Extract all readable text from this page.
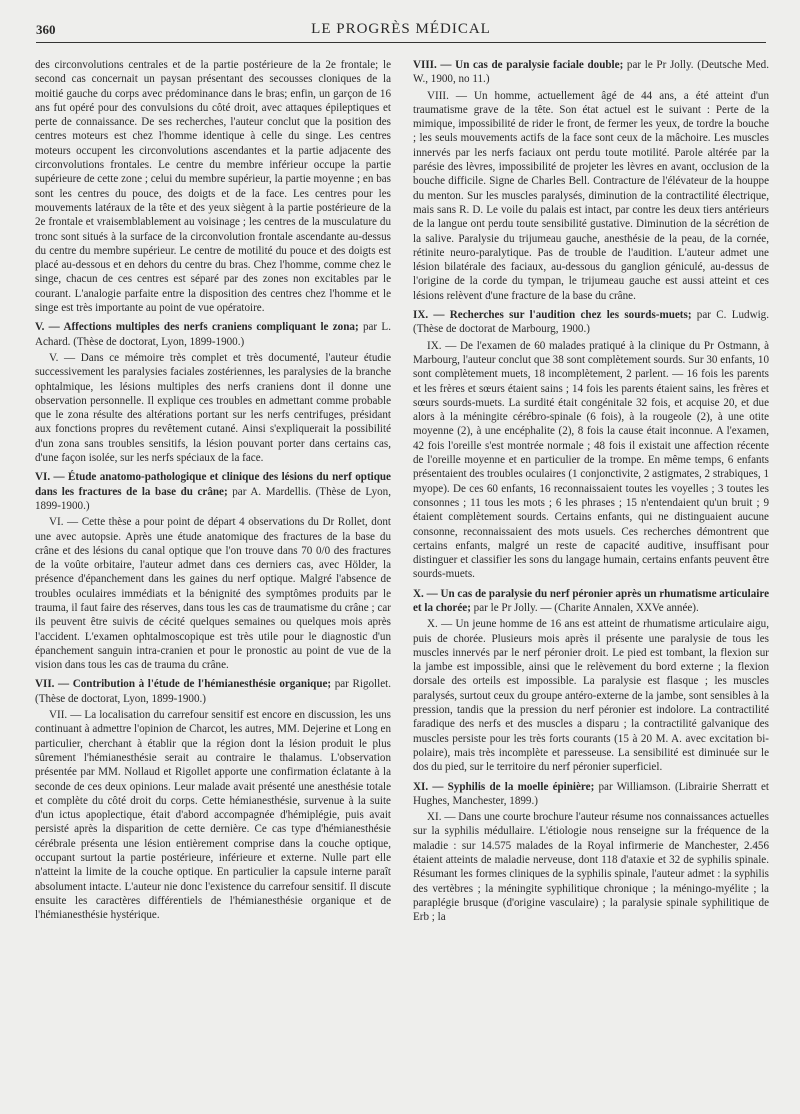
360	LE PROGRÈS MÉDICAL

des circonvolutions centrales et de la partie postérieure de la 2e frontale; le second cas concernait un paysan présentant des secousses cloniques de la moitié gauche du corps avec prédominance dans le bras; enfin, un garçon de 16 ans fut opéré pour des convulsions du côté droit, avec attaques épileptiques et perte de connaissance. De ses recherches, l'auteur conclut que la position des centres moteurs est chez l'homme identique à celle du singe. Les centres moteurs occupent les circonvolutions ascendantes et la partie adjacente des circonvolutions frontales. Le centre du membre inférieur occupe la partie supérieure de cette zone ; celui du membre supérieur, la partie moyenne ; en bas sont les centres du pouce, des doigts et de la face. Les centres pour les mouvements latéraux de la tête et des yeux siègent à la partie postérieure de la 2e frontale et vraisemblablement au voisinage ; les centres de la musculature du tronc sont situés à la surface de la circonvolution frontale ascendante au-dessus du centre du membre supérieur. Le centre de motilité du pouce et des doigts est placé au-dessous et en dehors du centre du bras. Chez l'homme, comme chez le singe, chacun de ces centres est séparé par des zones non excitables par le courant. L'analogie parfaite entre la disposition des centres chez l'homme et le singe est très importante au point de vue opératoire.

V. — Affections multiples des nerfs craniens compliquant le zona; par L. Achard. (Thèse de doctorat, Lyon, 1899-1900.)

V. — Dans ce mémoire très complet et très documenté, l'auteur étudie successivement les paralysies faciales zostériennes, les paralysies de la branche ophtalmique, les lésions multiples des nerfs craniens dont il donne une observation personnelle. Il explique ces troubles en admettant comme probable que le zona résulte des altérations portant sur les nerfs centrifuges, présidant aux fonctions propres du revêtement cutané. Ainsi s'expliquerait la possibilité d'un zona sans troubles sensitifs, la lésion pouvant porter dans certains cas, d'une façon isolée, sur les nerfs spéciaux de la face.

VI. — Étude anatomo-pathologique et clinique des lésions du nerf optique dans les fractures de la base du crâne; par A. Mardellis. (Thèse de Lyon, 1899-1900.)

VI. — Cette thèse a pour point de départ 4 observations du Dr Rollet, dont une avec autopsie. Après une étude anatomique des fractures de la base du crâne et des lésions du canal optique que l'on trouve dans 70 0/0 des fractures de la voûte orbitaire, l'auteur admet dans ces derniers cas, avec Hölder, la présence d'épanchement dans les gaines du nerf optique. Malgré l'absence de troubles oculaires immédiats et la bénignité des symptômes produits par le trauma, il faut faire des réserves, dans tous les cas de traumatisme du crâne ; car ils peuvent être suivis de cécité quelques semaines ou quelques mois après l'accident. L'examen ophtalmoscopique est très utile pour le diagnostic d'un épanchement sanguin intra-cranien et pour le pronostic au point de vue de la vision dans tous les cas de trauma du crâne.

VII. — Contribution à l'étude de l'hémianesthésie organique; par Rigollet. (Thèse de doctorat, Lyon, 1899-1900.)

VII. — La localisation du carrefour sensitif est encore en discussion, les uns continuant à admettre l'opinion de Charcot, les autres, MM. Dejerine et Long en particulier, cherchant à établir que la région dont la lésion produit le plus sûrement l'hémianesthésie serait au contraire le thalamus. L'observation présentée par MM. Nollaud et Rigollet apporte une confirmation éclatante à la seconde de ces deux opinions. Leur malade avait présenté une anesthésie totale et complète du côté droit du corps. Cette hémianesthésie, survenue à la suite d'un ictus apoplectique, était d'abord accompagnée d'hémiplégie, puis avait persisté après la disparition de cette dernière. Ce cas type d'hémianesthésie cérébrale présenta une lésion entièrement comprise dans la couche optique, occupant surtout la partie postérieure, inférieure et externe. Nulle part elle n'atteint la limite de la couche optique. En particulier la capsule interne paraît absolument intacte. L'auteur nie donc l'existence du carrefour sensitif. Il discute ensuite les caractères différentiels de l'hémianesthésie organique et de l'hémianesthésie hystérique.

VIII. — Un cas de paralysie faciale double; par le Pr Jolly. (Deutsche Med. W., 1900, no 11.)

VIII. — Un homme, actuellement âgé de 44 ans, a été atteint d'un traumatisme grave de la tête. Son état actuel est le suivant : Perte de la mimique, impossibilité de rider le front, de fermer les yeux, de tordre la bouche ; les seuls mouvements actifs de la face sont ceux de la mâchoire. Les muscles innervés par les nerfs faciaux ont perdu toute motilité. Parole altérée par la parésie des lèvres, impossibilité de projeter les lèvres en avant, occlusion de la bouche difficile. Signe de Charles Bell. Contracture de l'élévateur de la houppe du menton. Sur les muscles paralysés, diminution de la contractilité électrique, mais sans R. D. Le voile du palais est intact, par contre les deux tiers antérieurs de la langue ont perdu toute sensibilité gustative. Diminution de la sécrétion de la salive. Paralysie du trijumeau gauche, anesthésie de la peau, de la cornée, rétinite neuro-paralytique. Pas de trouble de l'audition. L'auteur admet une lésion bilatérale des faciaux, au-dessous du ganglion géniculé, au-dessus de l'origine de la corde du tympan, le trijumeau gauche est aussi atteint et ces lésions relèvent d'une fracture de la base du crâne.

IX. — Recherches sur l'audition chez les sourds-muets; par C. Ludwig. (Thèse de doctorat de Marbourg, 1900.)

IX. — De l'examen de 60 malades pratiqué à la clinique du Pr Ostmann, à Marbourg, l'auteur conclut que 38 sont complètement sourds. Sur 30 enfants, 10 sont complètement muets, 18 incomplètement, 2 parlent. — 16 fois les parents et les frères et sœurs étaient sains ; 14 fois les parents étaient sains, les frères et sœurs sourds-muets. La surdité était congénitale 32 fois, et acquise 20, et due alors à la méningite cérébro-spinale (6 fois), à la rougeole (2), à une otite moyenne (2), à une encéphalite (2), 8 fois la cause était inconnue. A l'examen, 42 fois l'oreille s'est montrée normale ; 48 fois il existait une affection récente de l'oreille moyenne et en particulier de la trompe. En même temps, 6 enfants présentaient des troubles oculaires (1 conjonctivite, 2 astigmates, 2 strabiques, 1 myope). De ces 60 enfants, 16 reconnaissaient toutes les voyelles ; 3 toutes les consonnes ; 11 tous les mots ; 6 les phrases ; 15 n'entendaient qu'un bruit ; 9 étaient complètement sourds. Certains enfants, qui ne distinguaient aucune consonne, reconnaissaient des mots usuels. Ces recherches démontrent que certains enfants, malgré un reste de capacité auditive, insuffisant pour distinguer et classifier les sons du langage humain, certains enfants peuvent être sourds-muets.

X. — Un cas de paralysie du nerf péronier après un rhumatisme articulaire et la chorée; par le Pr Jolly. — (Charite Annalen, XXVe année).

X. — Un jeune homme de 16 ans est atteint de rhumatisme articulaire aigu, puis de chorée. Plusieurs mois après il présente une paralysie de tous les muscles innervés par le nerf péronier droit. Le pied est tombant, la flexion sur la jambe est impossible, ainsi que le relèvement du bord externe ; la flexion dorsale des orteils est impossible. La paralysie est flasque ; les muscles paralysés, surtout ceux du groupe antéro-externe de la jambe, sont sensibles à la pression, tandis que la pression du nerf péronier est indolore. La contractilité faradique des nerfs et des muscles a disparu ; la contractilité galvanique des muscles persiste pour les très forts courants (15 à 20 M. A. avec excitation bi-polaire), mais très incomplète et paresseuse. La sensibilité est diminuée sur le dos du pied, sur le territoire du nerf péronier superficiel.

XI. — Syphilis de la moelle épinière; par Williamson. (Librairie Sherratt et Hughes, Manchester, 1899.)

XI. — Dans une courte brochure l'auteur résume nos connaissances actuelles sur la syphilis médullaire. L'étiologie nous renseigne sur la fréquence de la maladie : sur 14.575 malades de la Royal infirmerie de Manchester, 2.456 étaient atteints de maladie nerveuse, dont 118 d'ataxie et 32 de syphilis spinale. Résumant les formes cliniques de la syphilis spinale, l'auteur admet : la syphilis des vertèbres ; la méningite syphilitique chronique ; la méningo-myélite ; la paraplégie brusque (d'origine vasculaire) ; la paralysie spinale syphilitique de Erb ; la
